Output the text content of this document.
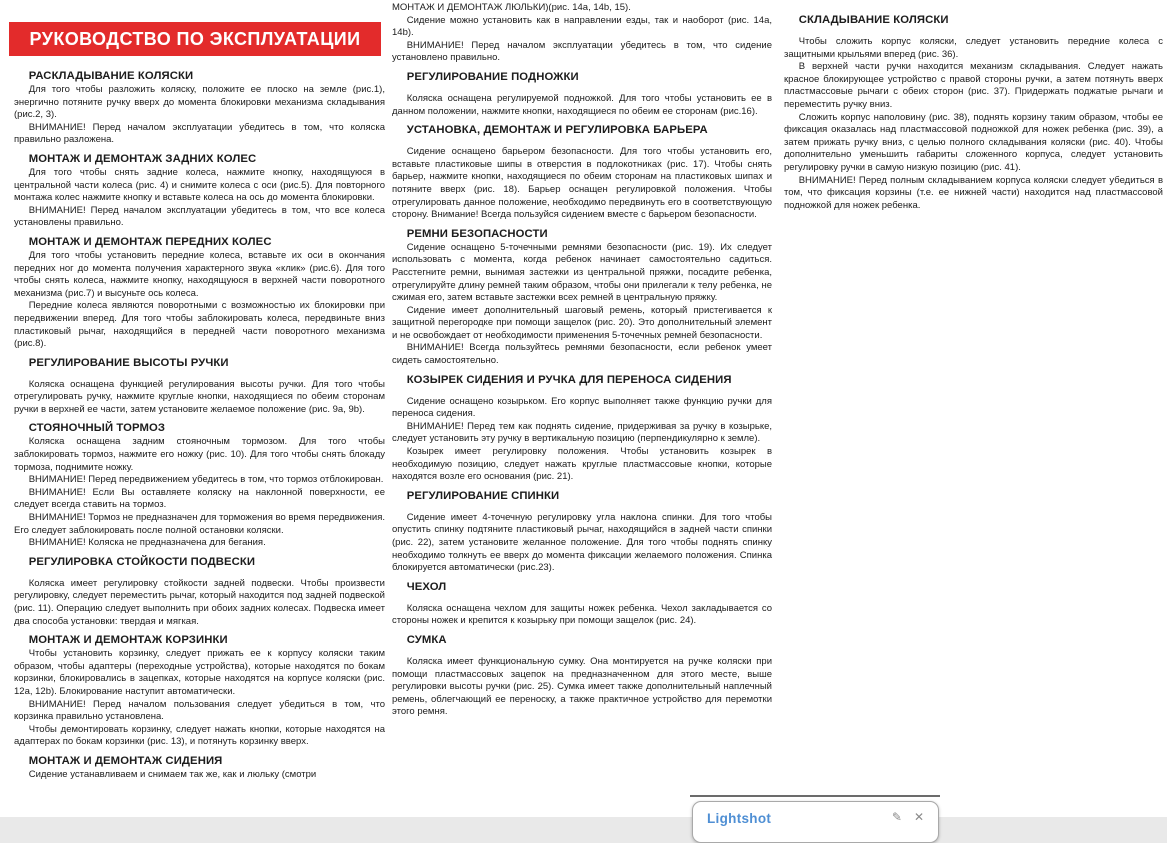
РУКОВОДСТВО ПО ЭКСПЛУАТАЦИИ
РАСКЛАДЫВАНИЕ КОЛЯСКИ

Для того чтобы разложить коляску, положите ее плоско на земле (рис.1), энергично потяните ручку вверх до момента блокировки механизма складывания (рис.2, 3).

ВНИМАНИЕ! Перед началом эксплуатации убедитесь в том, что коляска правильно разложена.

МОНТАЖ И ДЕМОНТАЖ ЗАДНИХ КОЛЕС

Для того чтобы снять задние колеса, нажмите кнопку, находящуюся в центральной части колеса (рис. 4) и снимите колеса с оси (рис.5). Для повторного монтажа колес нажмите кнопку и вставьте колеса на ось до момента блокировки.

ВНИМАНИЕ! Перед началом эксплуатации убедитесь в том, что все колеса установлены правильно.

МОНТАЖ И ДЕМОНТАЖ ПЕРЕДНИХ КОЛЕС

Для того чтобы установить передние колеса, вставьте их оси в окончания передних ног до момента получения характерного звука «клик» (рис.6). Для того чтобы снять колеса, нажмите кнопку, находящуюся в верхней части поворотного механизма (рис.7) и высуньте ось колеса.

Передние колеса являются поворотными с возможностью их блокировки при передвижении вперед. Для того чтобы заблокировать колеса, передвиньте вниз пластиковый рычаг, находящийся в передней части поворотного механизма (рис.8).

РЕГУЛИРОВАНИЕ ВЫСОТЫ РУЧКИ

Коляска оснащена функцией регулирования высоты ручки. Для того чтобы отрегулировать ручку, нажмите круглые кнопки, находящиеся по обеим сторонам ручки в верхней ее части, затем установите желаемое положение (рис. 9a, 9b).

СТОЯНОЧНЫЙ ТОРМОЗ

Коляска оснащена задним стояночным тормозом. Для того чтобы заблокировать тормоз, нажмите его ножку (рис. 10). Для того чтобы снять блокаду тормоза, поднимите ножку.

ВНИМАНИЕ! Перед передвижением убедитесь в том, что тормоз отблокирован.

ВНИМАНИЕ! Если Вы оставляете коляску на наклонной поверхности, ее следует всегда ставить на тормоз.

ВНИМАНИЕ! Тормоз не предназначен для торможения во время передвижения. Его следует заблокировать после полной остановки коляски.

ВНИМАНИЕ! Коляска не предназначена для бегания.

РЕГУЛИРОВКА СТОЙКОСТИ ПОДВЕСКИ

Коляска имеет регулировку стойкости задней подвески. Чтобы произвести регулировку, следует переместить рычаг, который находится под задней подвеской (рис. 11). Операцию следует выполнить при обоих задних колесах. Подвеска имеет два способа установки: твердая и мягкая.

МОНТАЖ И ДЕМОНТАЖ КОРЗИНКИ

Чтобы установить корзинку, следует прижать ее к корпусу коляски таким образом, чтобы адаптеры (переходные устройства), которые находятся по бокам корзинки, блокировались в зацепках, которые находятся на корпусе коляски (рис. 12a, 12b). Блокирование наступит автоматически.

ВНИМАНИЕ! Перед началом пользования следует убедиться в том, что корзинка правильно установлена.

Чтобы демонтировать корзинку, следует нажать кнопки, которые находятся на адаптерах по бокам корзинки (рис. 13), и потянуть корзинку вверх.

МОНТАЖ И ДЕМОНТАЖ СИДЕНИЯ

Сидение устанавливаем и снимаем так же, как и люльку (смотри

МОНТАЖ И ДЕМОНТАЖ ЛЮЛЬКИ)(рис. 14a, 14b, 15).

Сидение можно установить как в направлении езды, так и наоборот (рис. 14a, 14b).

ВНИМАНИЕ! Перед началом эксплуатации убедитесь в том, что сидение установлено правильно.

РЕГУЛИРОВАНИЕ ПОДНОЖКИ

Коляска оснащена регулируемой подножкой. Для того чтобы установить ее в данном положении, нажмите кнопки, находящиеся по обеим ее сторонам (рис.16).

УСТАНОВКА, ДЕМОНТАЖ И РЕГУЛИРОВКА БАРЬЕРА

Сидение оснащено барьером безопасности. Для того чтобы установить его, вставьте пластиковые шипы в отверстия в подлокотниках (рис. 17). Чтобы снять барьер, нажмите кнопки, находящиеся по обеим сторонам на пластиковых шипах и потяните вверх (рис. 18). Барьер оснащен регулировкой положения. Чтобы отрегулировать данное положение, необходимо передвинуть его в соответствующую сторону. Внимание! Всегда пользуйся сидением вместе с барьером безопасности.

РЕМНИ БЕЗОПАСНОСТИ

Сидение оснащено 5-точечными ремнями безопасности (рис. 19). Их следует использовать с момента, когда ребенок начинает самостоятельно садиться. Расстегните ремни, вынимая застежки из центральной пряжки, посадите ребенка, отрегулируйте длину ремней таким образом, чтобы они прилегали к телу ребенка, не сжимая его, затем вставьте застежки всех ремней в центральную пряжку.

Сидение имеет дополнительный шаговый ремень, который пристегивается к защитной перегородке при помощи защелок (рис. 20). Это дополнительный элемент и не освобождает от необходимости применения 5-точечных ремней безопасности.

ВНИМАНИЕ! Всегда пользуйтесь ремнями безопасности, если ребенок умеет сидеть самостоятельно.

КОЗЫРЕК СИДЕНИЯ И РУЧКА ДЛЯ ПЕРЕНОСА СИДЕНИЯ

Сидение оснащено козырьком. Его корпус выполняет также функцию ручки для переноса сидения.

ВНИМАНИЕ! Перед тем как поднять сидение, придерживая за ручку в козырьке, следует установить эту ручку в вертикальную позицию (перпендикулярно к земле).

Козырек имеет регулировку положения. Чтобы установить козырек в необходимую позицию, следует нажать круглые пластмассовые кнопки, которые находятся возле его основания (рис. 21).

РЕГУЛИРОВАНИЕ СПИНКИ

Сидение имеет 4-точечную регулировку угла наклона спинки. Для того чтобы опустить спинку подтяните пластиковый рычаг, находящийся в задней части спинки (рис. 22), затем установите желанное положение. Для того чтобы поднять спинку необходимо толкнуть ее вверх до момента фиксации желаемого положения. Спинка блокируется автоматически (рис.23).

ЧЕХОЛ

Коляска оснащена чехлом для защиты ножек ребенка. Чехол закладывается со стороны ножек и крепится к козырьку при помощи защелок (рис. 24).

СУМКА

Коляска имеет функциональную сумку. Она монтируется на ручке коляски при помощи пластмассовых зацепок на предназначенном для этого месте, выше регулировки высоты ручки (рис. 25). Сумка имеет также дополнительный наплечный ремень, облегчающий ее переноску, а также практичное устройство для перемотки этого ремня.

СКЛАДЫВАНИЕ КОЛЯСКИ

Чтобы сложить корпус коляски, следует установить передние колеса с защитными крыльями вперед (рис. 36).

В верхней части ручки находится механизм складывания. Следует нажать красное блокирующее устройство с правой стороны ручки, а затем потянуть вверх пластмассовые рычаги с обеих сторон (рис. 37). Придержать поджатые рычаги и переместить ручку вниз.

Сложить корпус наполовину (рис. 38), поднять корзину таким образом, чтобы ее фиксация оказалась над пластмассовой подножкой для ножек ребенка (рис. 39), а затем прижать ручку вниз, с целью полного складывания коляски (рис. 40). Чтобы дополнительно уменьшить габариты сложенного корпуса, следует установить регулировку ручки в самую низкую позицию (рис. 41).

ВНИМАНИЕ! Перед полным складыванием корпуса коляски следует убедиться в том, что фиксация корзины (т.е. ее нижней части) находится над пластмассовой подножкой для ножек ребенка.

Lightshot	✎ ✕
